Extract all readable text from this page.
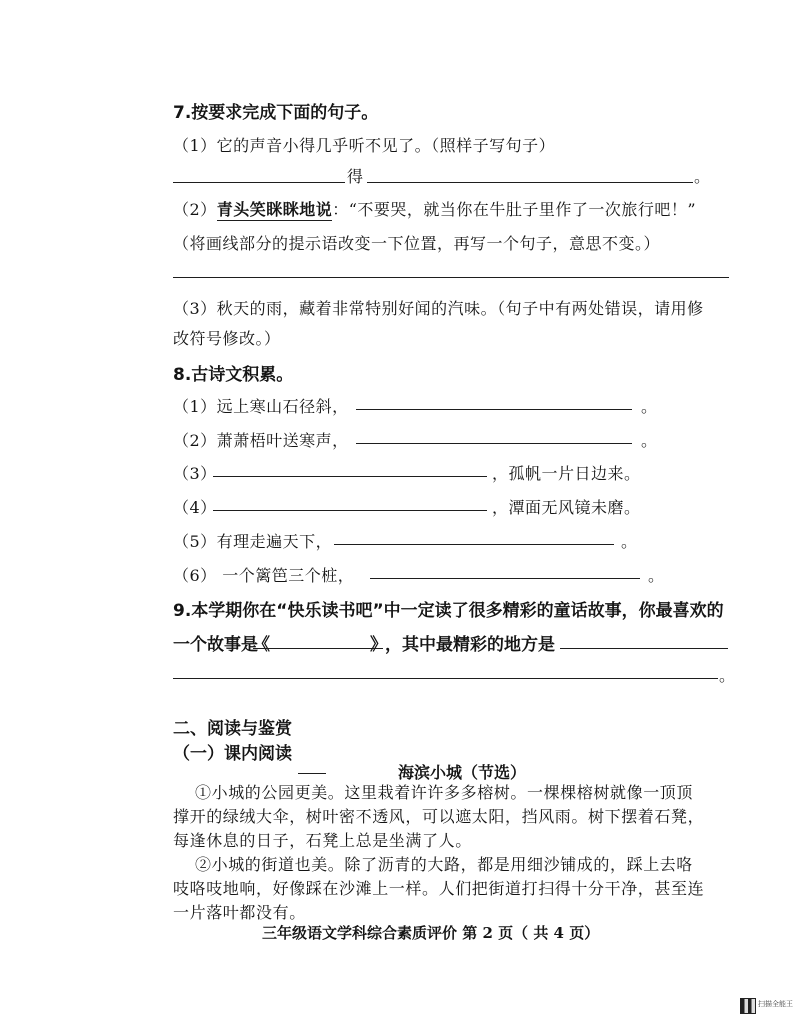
7.按要求完成下面的句子。
（1）它的声音小得几乎听不见了。（照样子写句子）
得	。
（2）青头笑眯眯地说：“不要哭，就当你在牛肚子里作了一次旅行吧！”
（将画线部分的提示语改变一下位置，再写一个句子，意思不变。）
（3）秋天的雨，藏着非常特别好闻的汽味。（句子中有两处错误，请用修
改符号修改。）
8.古诗文积累。
（1）远上寒山石径斜，	。
（2）萧萧梧叶送寒声，	。
（3）	，孤帆一片日边来。
（4）	，潭面无风镜未磨。
（5）有理走遍天下，	。
（6） 一个篱笆三个桩，	。
9.本学期你在“快乐读书吧”中一定读了很多精彩的童话故事，你最喜欢的
一个故事是
《	》
，其中最精彩的地方是
。
二、阅读与鉴赏
（一）课内阅读
海滨小城（节选）
①小城的公园更美。这里栽着许许多多榕树。一棵棵榕树就像一顶顶
撑开的绿绒大伞，树叶密不透风，可以遮太阳，挡风雨。树下摆着石凳，
每逢休息的日子，石凳上总是坐满了人。
②小城的街道也美。除了沥青的大路，都是用细沙铺成的，踩上去咯
吱咯吱地响，好像踩在沙滩上一样。人们把街道打扫得十分干净，甚至连
一片落叶都没有。
三年级语文学科综合素质评价 第 2 页（ 共 4 页）
扫描全能王
